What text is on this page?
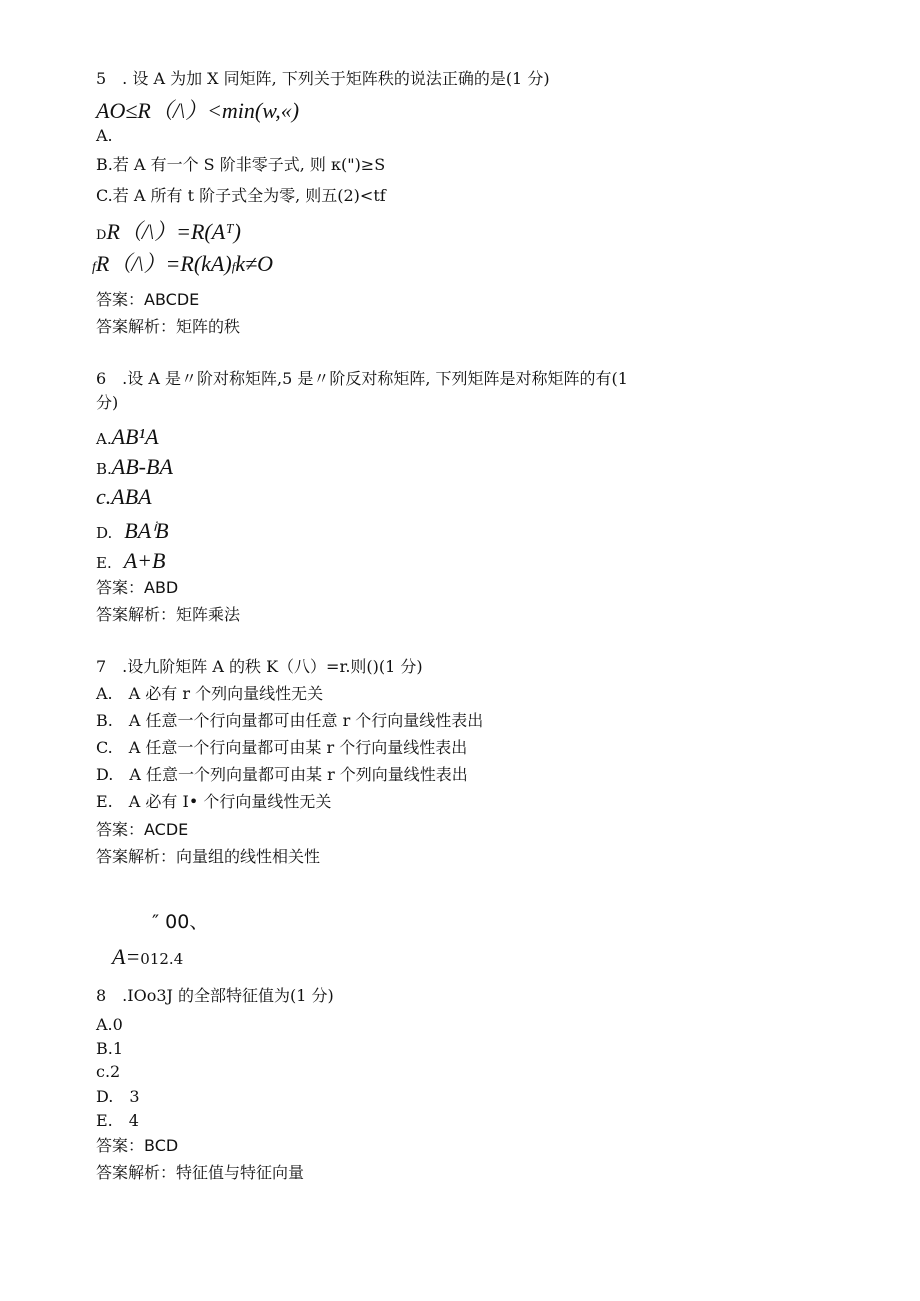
5　. 设 A 为加 X 同矩阵, 下列关于矩阵秩的说法正确的是(1 分)
AO≤R（/\）<min(w,«)
A.
B.若 A 有一个 S 阶非零子式, 则 κ(")≥S
C.若 A 所有 t 阶子式全为零, 则五(2)<tf
DR（/\）=R(Aᵀ)
fR（/\）=R(kA)fk≠O
答案：ABCDE
答案解析：矩阵的秩
6　.设 A 是〃阶对称矩阵,5 是〃阶反对称矩阵, 下列矩阵是对称矩阵的有(1
分)
A.AB¹A
B.AB-BA
c.ABA
D. BAⁱB
E. A+B
答案：ABD
答案解析：矩阵乘法
7　.设九阶矩阵 A 的秩 K（八）=r.则()(1 分)
A.　A 必有 r 个列向量线性无关
B.　A 任意一个行向量都可由任意 r 个行向量线性表出
C.　A 任意一个行向量都可由某 r 个行向量线性表出
D.　A 任意一个列向量都可由某 r 个列向量线性表出
E.　A 必有 I• 个行向量线性无关
答案：ACDE
答案解析：向量组的线性相关性
″ 00、
A=012.4
8　.IOo3J 的全部特征值为(1 分)
A.0
B.1
c.2
D.　3
E.　4
答案：BCD
答案解析：特征值与特征向量
